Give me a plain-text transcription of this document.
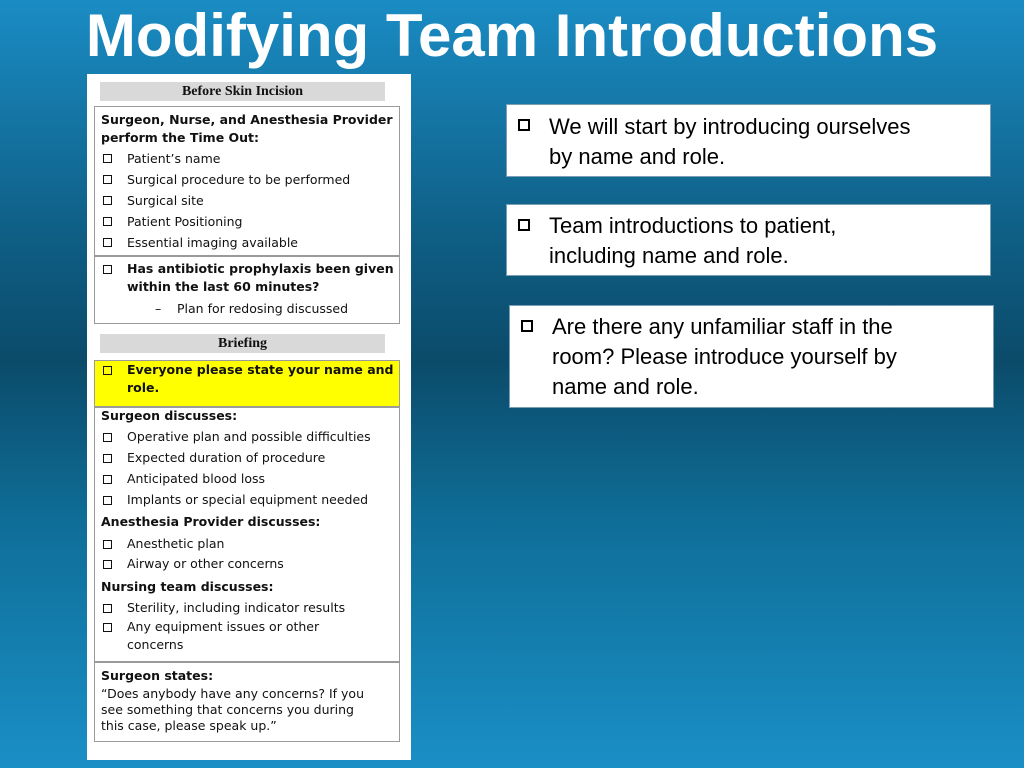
Modifying Team Introductions
Before Skin Incision
Surgeon, Nurse, and Anesthesia Provider
perform the Time Out:
Patient’s name
Surgical procedure to be performed
Surgical site
Patient Positioning
Essential imaging available
Has antibiotic prophylaxis been given
within the last 60 minutes?
– Plan for redosing discussed
Briefing
Everyone please state your name and
role.
Surgeon discusses:
Operative plan and possible difficulties
Expected duration of procedure
Anticipated blood loss
Implants or special equipment needed
Anesthesia Provider discusses:
Anesthetic plan
Airway or other concerns
Nursing team discusses:
Sterility, including indicator results
Any equipment issues or other
concerns
Surgeon states:
“Does anybody have any concerns? If you
see something that concerns you during
this case, please speak up.”
We will start by introducing ourselves
by name and role.
Team introductions to patient,
including name and role.
Are there any unfamiliar staff in the
room? Please introduce yourself by
name and role.
